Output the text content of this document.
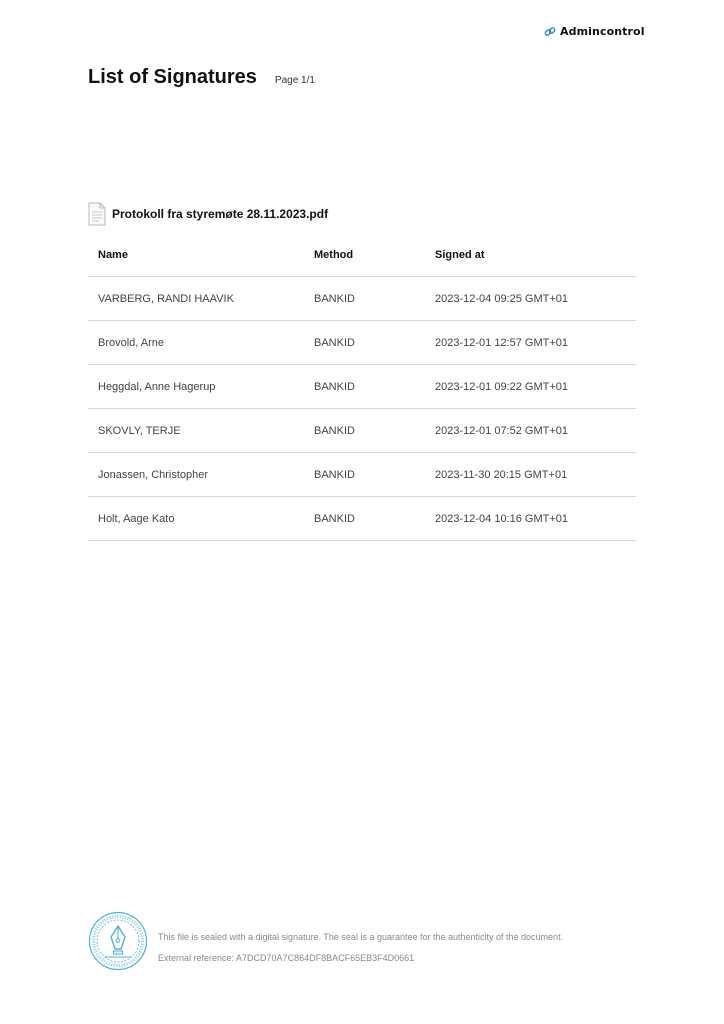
Admincontrol
List of Signatures Page 1/1
Protokoll fra styremøte 28.11.2023.pdf
Name	Method	Signed at
VARBERG, RANDI HAAVIK	BANKID	2023-12-04 09:25 GMT+01
Brovold, Arne	BANKID	2023-12-01 12:57 GMT+01
Heggdal, Anne Hagerup	BANKID	2023-12-01 09:22 GMT+01
SKOVLY, TERJE	BANKID	2023-12-01 07:52 GMT+01
Jonassen, Christopher	BANKID	2023-11-30 20:15 GMT+01
Holt, Aage Kato	BANKID	2023-12-04 10:16 GMT+01
This file is sealed with a digital signature. The seal is a guarantee for the authenticity of the document.
External reference: A7DCD70A7C864DF8BACF65EB3F4D0661
